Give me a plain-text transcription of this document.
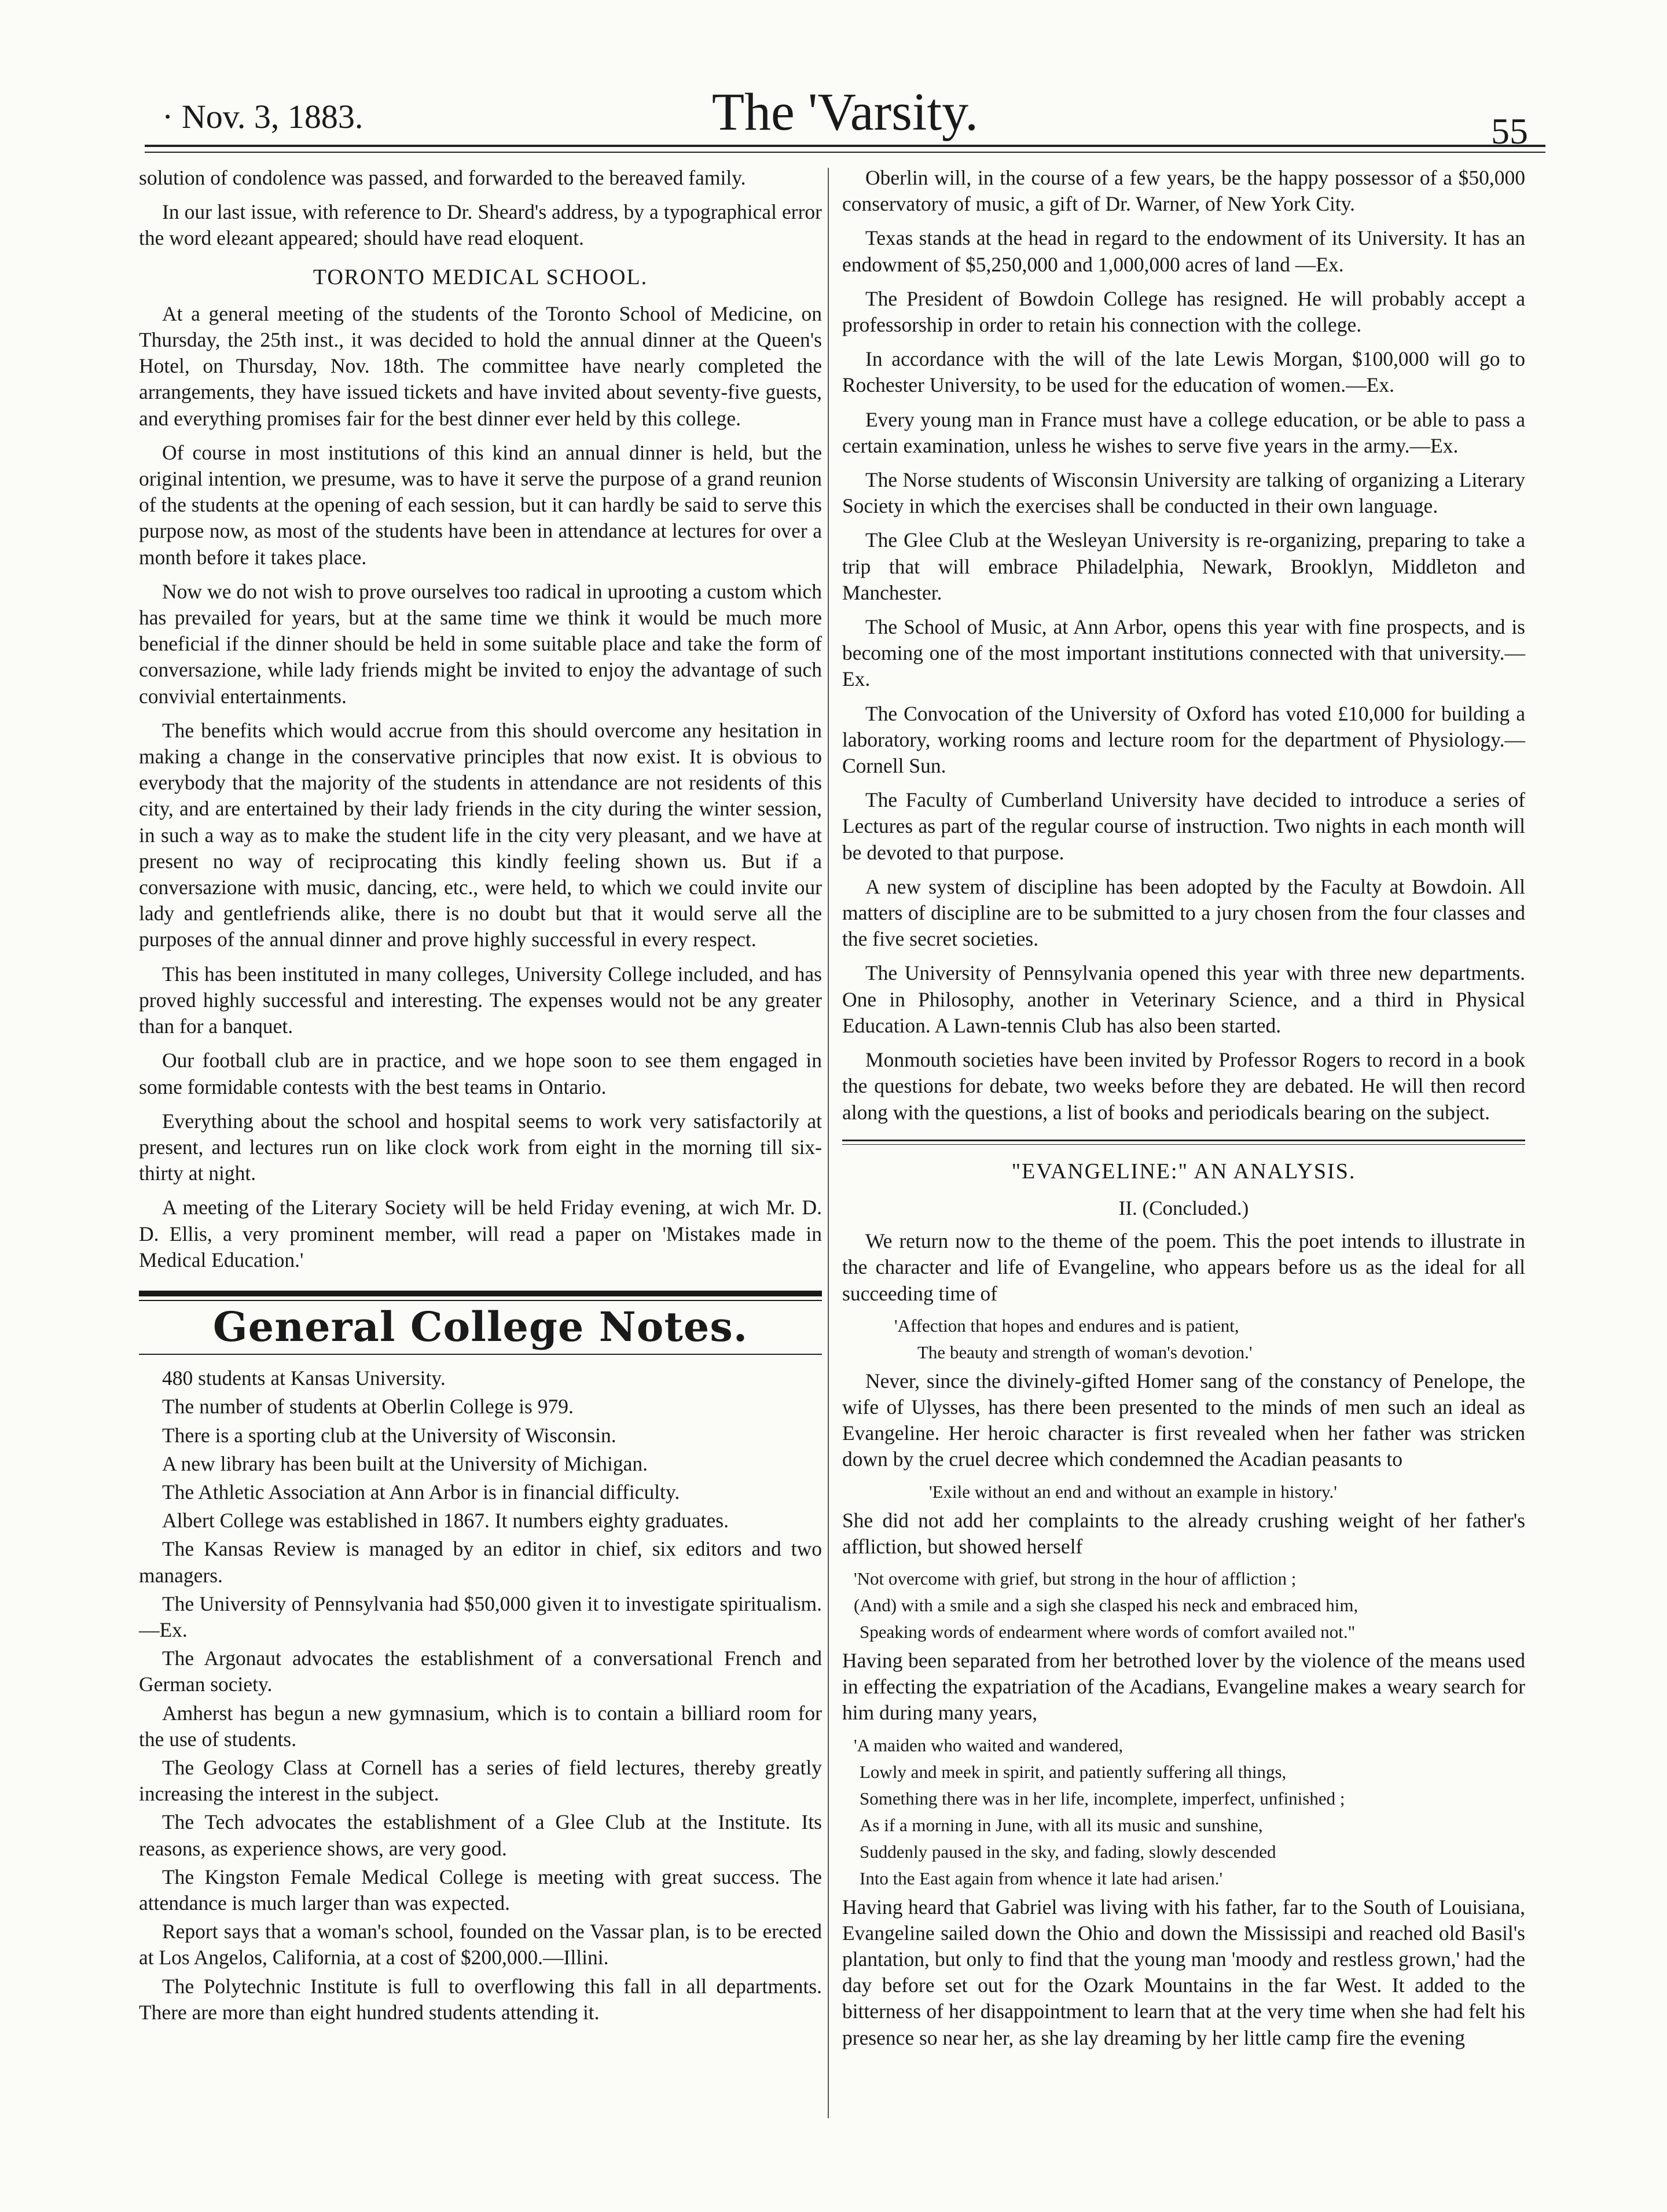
· Nov. 3, 1883.	The 'Varsity.	55

solution of condolence was passed, and forwarded to the bereaved family.

In our last issue, with reference to Dr. Sheard's address, by a typographical error the word eleƨant appeared; should have read eloquent.

TORONTO MEDICAL SCHOOL.

At a general meeting of the students of the Toronto School of Medicine, on Thursday, the 25th inst., it was decided to hold the annual dinner at the Queen's Hotel, on Thursday, Nov. 18th. The committee have nearly completed the arrangements, they have issued tickets and have invited about seventy-five guests, and everything promises fair for the best dinner ever held by this college.

Of course in most institutions of this kind an annual dinner is held, but the original intention, we presume, was to have it serve the purpose of a grand reunion of the students at the opening of each session, but it can hardly be said to serve this purpose now, as most of the students have been in attendance at lectures for over a month before it takes place.

Now we do not wish to prove ourselves too radical in uprooting a custom which has prevailed for years, but at the same time we think it would be much more beneficial if the dinner should be held in some suitable place and take the form of conversazione, while lady friends might be invited to enjoy the advantage of such convivial entertainments.

The benefits which would accrue from this should overcome any hesitation in making a change in the conservative principles that now exist. It is obvious to everybody that the majority of the students in attendance are not residents of this city, and are entertained by their lady friends in the city during the winter session, in such a way as to make the student life in the city very pleasant, and we have at present no way of reciprocating this kindly feeling shown us. But if a conversazione with music, dancing, etc., were held, to which we could invite our lady and gentlefriends alike, there is no doubt but that it would serve all the purposes of the annual dinner and prove highly successful in every respect.

This has been instituted in many colleges, University College included, and has proved highly successful and interesting. The expenses would not be any greater than for a banquet.

Our football club are in practice, and we hope soon to see them engaged in some formidable contests with the best teams in Ontario.

Everything about the school and hospital seems to work very satisfactorily at present, and lectures run on like clock work from eight in the morning till six-thirty at night.

A meeting of the Literary Society will be held Friday evening, at wich Mr. D. D. Ellis, a very prominent member, will read a paper on 'Mistakes made in Medical Education.'

General College Notes.

480 students at Kansas University.

The number of students at Oberlin College is 979.

There is a sporting club at the University of Wisconsin.

A new library has been built at the University of Michigan.

The Athletic Association at Ann Arbor is in financial difficulty.

Albert College was established in 1867. It numbers eighty graduates.

The Kansas Review is managed by an editor in chief, six editors and two managers.

The University of Pennsylvania had $50,000 given it to investigate spiritualism.—Ex.

The Argonaut advocates the establishment of a conversational French and German society.

Amherst has begun a new gymnasium, which is to contain a billiard room for the use of students.

The Geology Class at Cornell has a series of field lectures, thereby greatly increasing the interest in the subject.

The Tech advocates the establishment of a Glee Club at the Institute. Its reasons, as experience shows, are very good.

The Kingston Female Medical College is meeting with great success. The attendance is much larger than was expected.

Report says that a woman's school, founded on the Vassar plan, is to be erected at Los Angelos, California, at a cost of $200,000.—Illini.

The Polytechnic Institute is full to overflowing this fall in all departments. There are more than eight hundred students attending it.

Oberlin will, in the course of a few years, be the happy possessor of a $50,000 conservatory of music, a gift of Dr. Warner, of New York City.

Texas stands at the head in regard to the endowment of its University. It has an endowment of $5,250,000 and 1,000,000 acres of land —Ex.

The President of Bowdoin College has resigned. He will probably accept a professorship in order to retain his connection with the college.

In accordance with the will of the late Lewis Morgan, $100,000 will go to Rochester University, to be used for the education of women.—Ex.

Every young man in France must have a college education, or be able to pass a certain examination, unless he wishes to serve five years in the army.—Ex.

The Norse students of Wisconsin University are talking of organizing a Literary Society in which the exercises shall be conducted in their own language.

The Glee Club at the Wesleyan University is re-organizing, preparing to take a trip that will embrace Philadelphia, Newark, Brooklyn, Middleton and Manchester.

The School of Music, at Ann Arbor, opens this year with fine prospects, and is becoming one of the most important institutions connected with that university.—Ex.

The Convocation of the University of Oxford has voted £10,000 for building a laboratory, working rooms and lecture room for the department of Physiology.—Cornell Sun.

The Faculty of Cumberland University have decided to introduce a series of Lectures as part of the regular course of instruction. Two nights in each month will be devoted to that purpose.

A new system of discipline has been adopted by the Faculty at Bowdoin. All matters of discipline are to be submitted to a jury chosen from the four classes and the five secret societies.

The University of Pennsylvania opened this year with three new departments. One in Philosophy, another in Veterinary Science, and a third in Physical Education. A Lawn-tennis Club has also been started.

Monmouth societies have been invited by Professor Rogers to record in a book the questions for debate, two weeks before they are debated. He will then record along with the questions, a list of books and periodicals bearing on the subject.

"EVANGELINE:" AN ANALYSIS.
II. (Concluded.)

We return now to the theme of the poem. This the poet intends to illustrate in the character and life of Evangeline, who appears before us as the ideal for all succeeding time of

'Affection that hopes and endures and is patient,
The beauty and strength of woman's devotion.'

Never, since the divinely-gifted Homer sang of the constancy of Penelope, the wife of Ulysses, has there been presented to the minds of men such an ideal as Evangeline. Her heroic character is first revealed when her father was stricken down by the cruel decree which condemned the Acadian peasants to

'Exile without an end and without an example in history.'

She did not add her complaints to the already crushing weight of her father's affliction, but showed herself

'Not overcome with grief, but strong in the hour of affliction ;
(And) with a smile and a sigh she clasped his neck and embraced him,
Speaking words of endearment where words of comfort availed not."

Having been separated from her betrothed lover by the violence of the means used in effecting the expatriation of the Acadians, Evangeline makes a weary search for him during many years,

'A maiden who waited and wandered,
Lowly and meek in spirit, and patiently suffering all things,
Something there was in her life, incomplete, imperfect, unfinished ;
As if a morning in June, with all its music and sunshine,
Suddenly paused in the sky, and fading, slowly descended
Into the East again from whence it late had arisen.'

Having heard that Gabriel was living with his father, far to the South of Louisiana, Evangeline sailed down the Ohio and down the Mississipi and reached old Basil's plantation, but only to find that the young man 'moody and restless grown,' had the day before set out for the Ozark Mountains in the far West. It added to the bitterness of her disappointment to learn that at the very time when she had felt his presence so near her, as she lay dreaming by her little camp fire the evening
